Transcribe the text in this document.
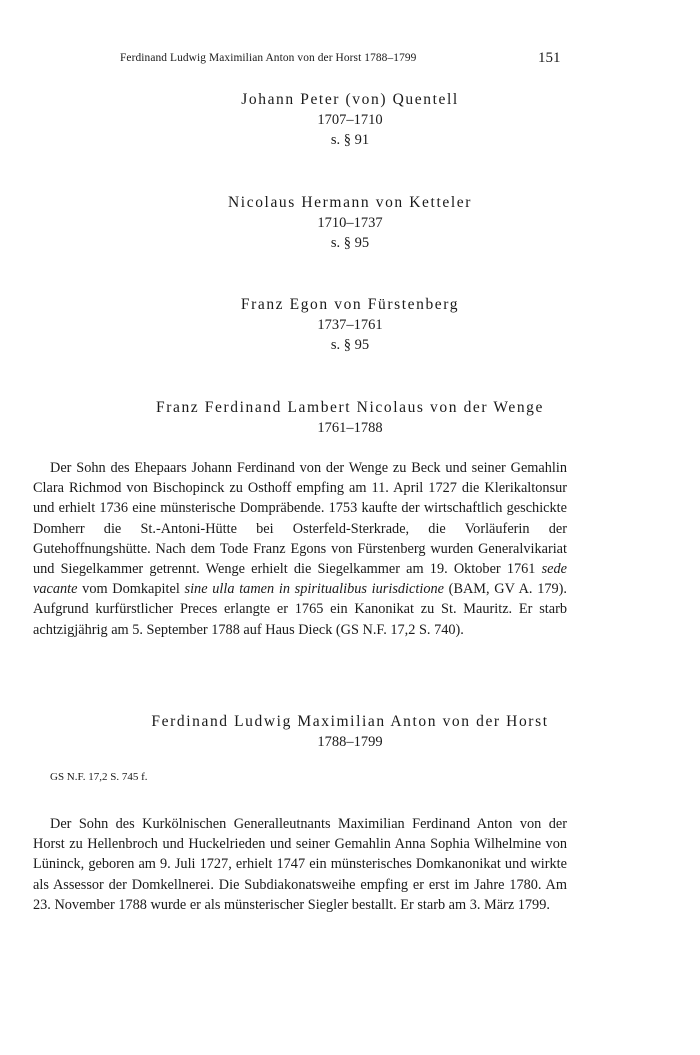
Ferdinand Ludwig Maximilian Anton von der Horst 1788–1799	151
Johann Peter (von) Quentell
1707–1710
s. § 91
Nicolaus Hermann von Ketteler
1710–1737
s. § 95
Franz Egon von Fürstenberg
1737–1761
s. § 95
Franz Ferdinand Lambert Nicolaus von der Wenge
1761–1788

Der Sohn des Ehepaars Johann Ferdinand von der Wenge zu Beck und seiner Gemahlin Clara Richmod von Bischopinck zu Osthoff empfing am 11. April 1727 die Klerikaltonsur und erhielt 1736 eine münsterische Dompräbende. 1753 kaufte der wirtschaftlich geschickte Domherr die St.-Antoni-Hütte bei Osterfeld-Sterkrade, die Vorläuferin der Gutehoffnungshütte. Nach dem Tode Franz Egons von Fürstenberg wurden Generalvikariat und Siegelkammer getrennt. Wenge erhielt die Siegelkammer am 19. Oktober 1761 sede vacante vom Domkapitel sine ulla tamen in spiritualibus iurisdictione (BAM, GV A. 179). Aufgrund kurfürstlicher Preces erlangte er 1765 ein Kanonikat zu St. Mauritz. Er starb achtzigjährig am 5. September 1788 auf Haus Dieck (GS N.F. 17,2 S. 740).

Ferdinand Ludwig Maximilian Anton von der Horst
1788–1799
GS N.F. 17,2 S. 745 f.

Der Sohn des Kurkölnischen Generalleutnants Maximilian Ferdinand Anton von der Horst zu Hellenbroch und Huckelrieden und seiner Gemahlin Anna Sophia Wilhelmine von Lüninck, geboren am 9. Juli 1727, erhielt 1747 ein münsterisches Domkanonikat und wirkte als Assessor der Domkellnerei. Die Subdiakonatsweihe empfing er erst im Jahre 1780. Am 23. November 1788 wurde er als münsterischer Siegler bestallt. Er starb am 3. März 1799.
